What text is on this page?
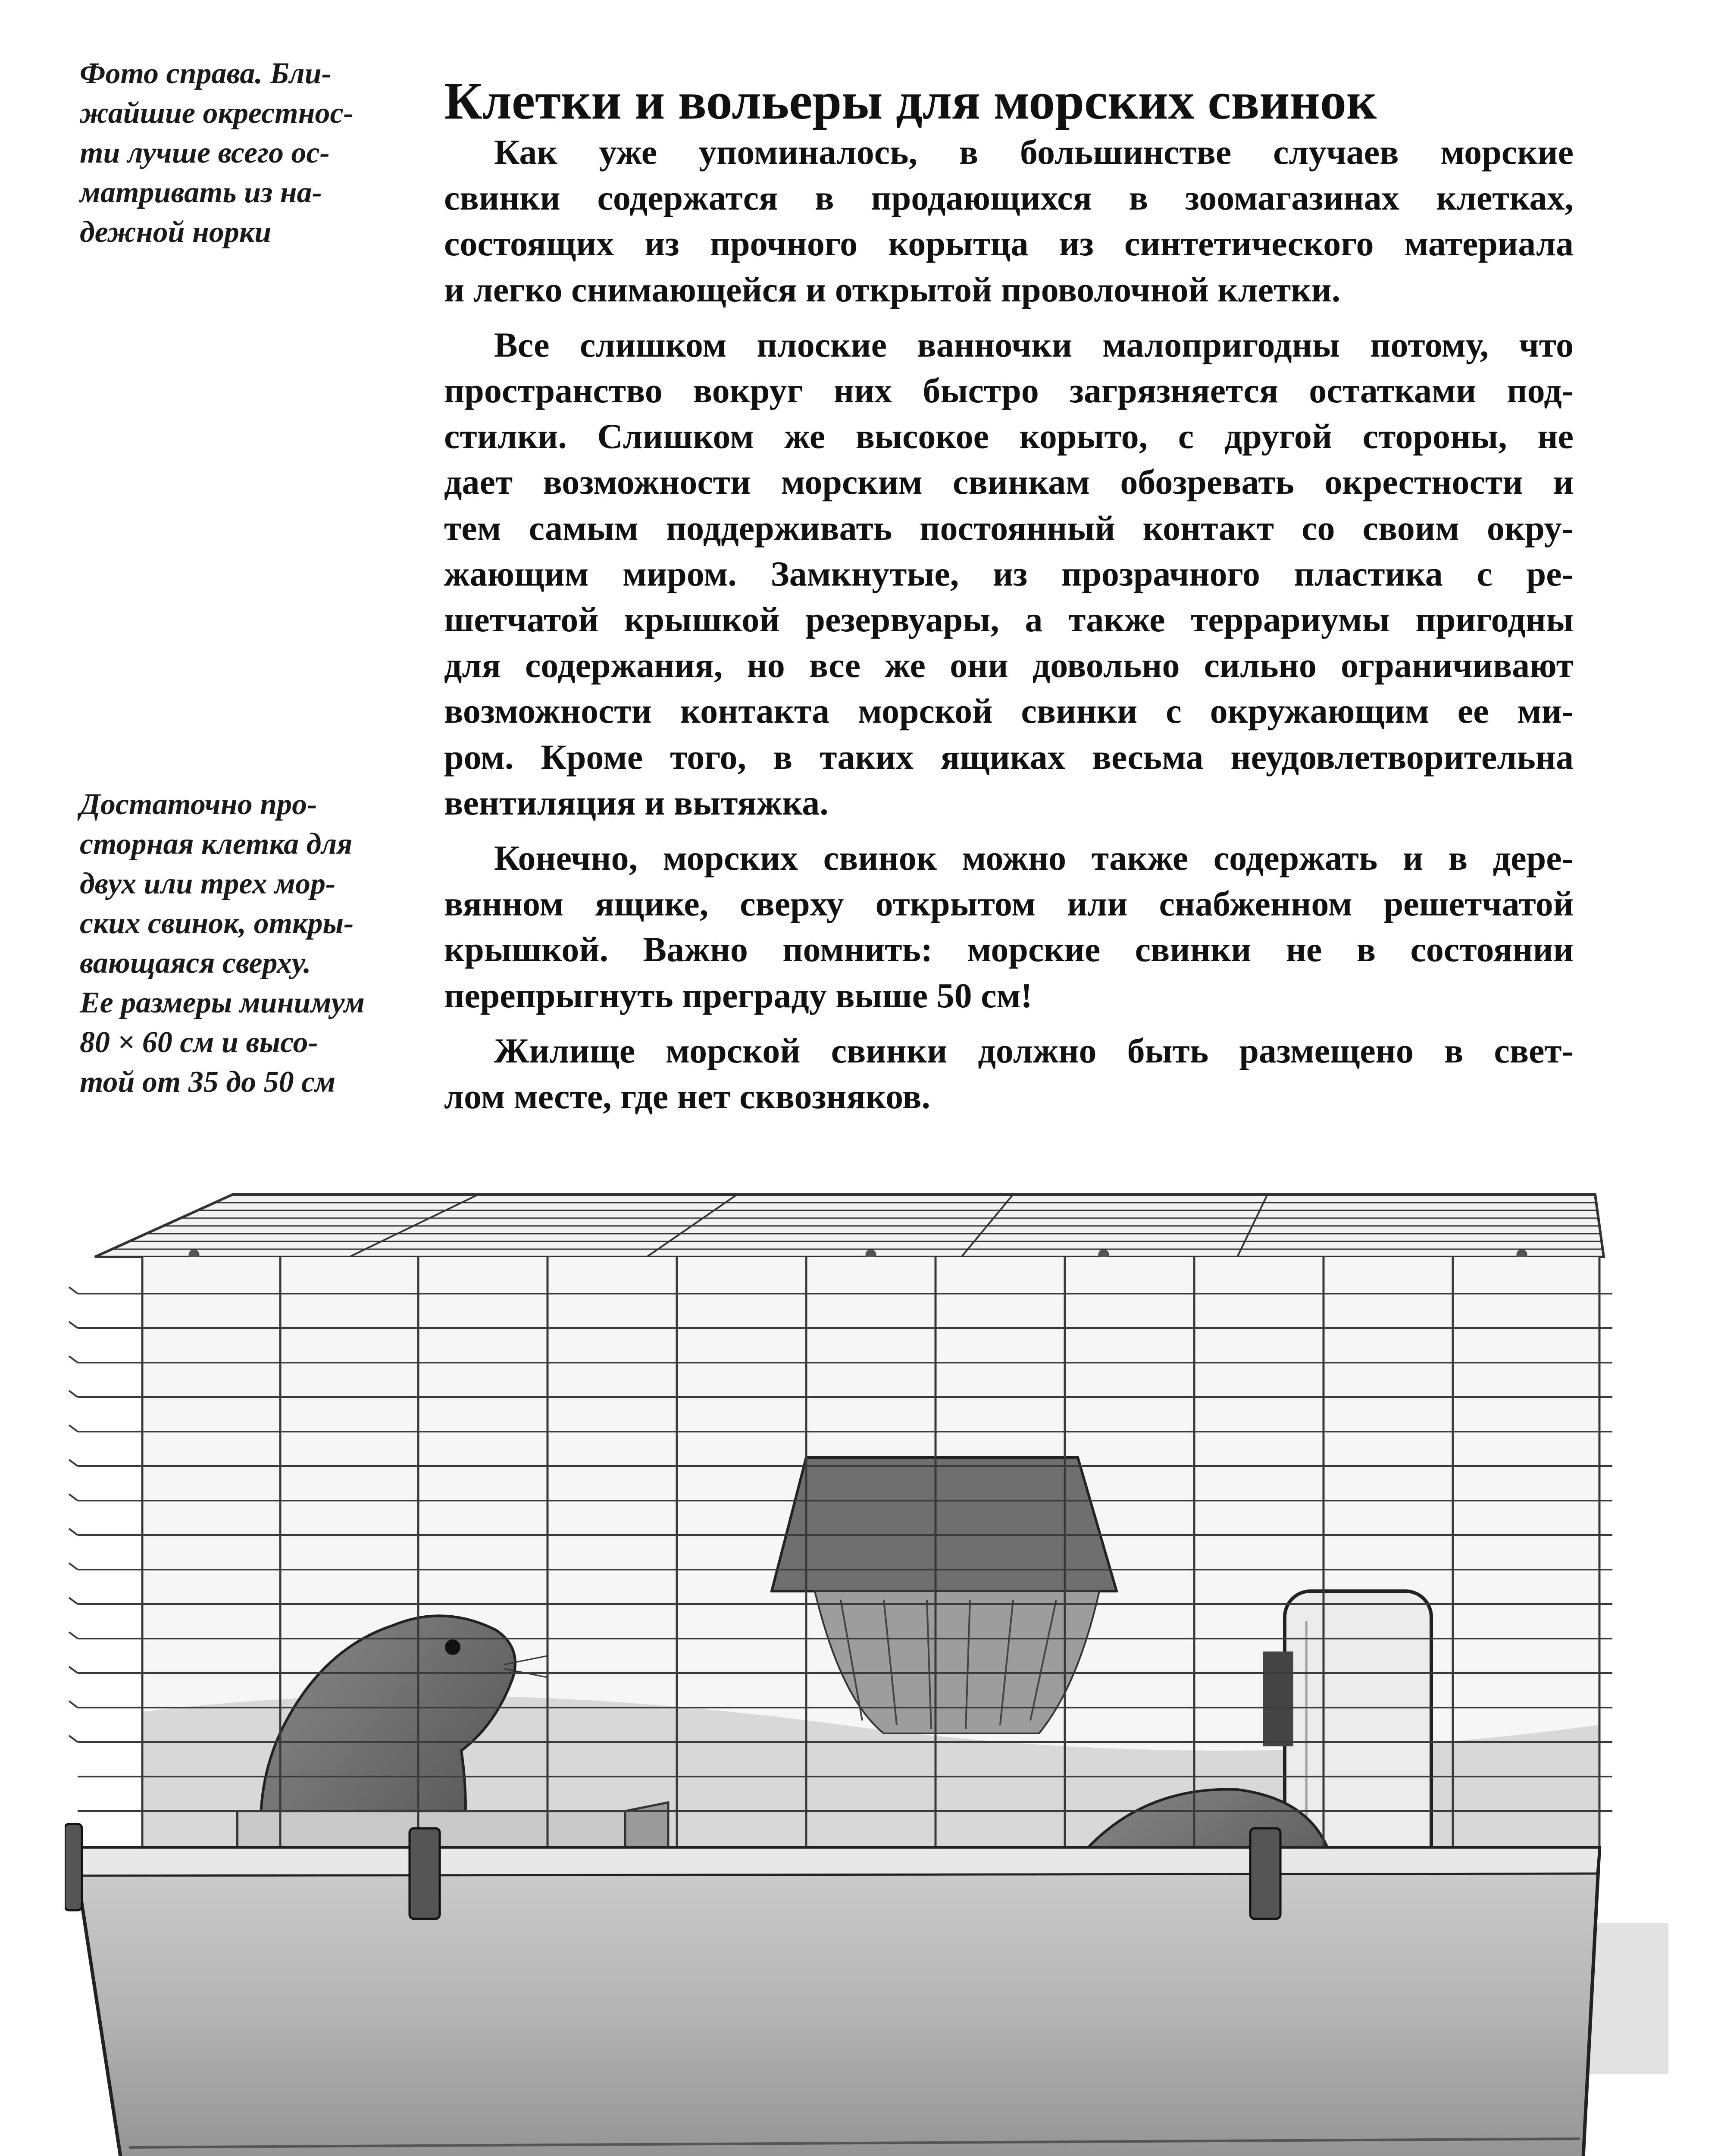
Фото справа. Бли-
жайшие окрестнос-
ти лучше всего ос-
матривать из на-
дежной норки
Достаточно про-
сторная клетка для
двух или трех мор-
ских свинок, откры-
вающаяся сверху.
Ее размеры минимум
80 × 60 см и высо-
той от 35 до 50 см
Клетки и вольеры для морских свинок

Как уже упоминалось, в большинстве случаев морские
свинки содержатся в продающихся в зоомагазинах клетках,
состоящих из прочного корытца из синтетического материала
и легко снимающейся и открытой проволочной клетки.

Все слишком плоские ванночки малопригодны потому, что
пространство вокруг них быстро загрязняется остатками под-
стилки. Слишком же высокое корыто, с другой стороны, не
дает возможности морским свинкам обозревать окрестности и
тем самым поддерживать постоянный контакт со своим окру-
жающим миром. Замкнутые, из прозрачного пластика с ре-
шетчатой крышкой резервуары, а также террариумы пригодны
для содержания, но все же они довольно сильно ограничивают
возможности контакта морской свинки с окружающим ее ми-
ром. Кроме того, в таких ящиках весьма неудовлетворительна
вентиляция и вытяжка.

Конечно, морских свинок можно также содержать и в дере-
вянном ящике, сверху открытом или снабженном решетчатой
крышкой. Важно помнить: морские свинки не в состоянии
перепрыгнуть преграду выше 50 см!

Жилище морской свинки должно быть размещено в свет-
лом месте, где нет сквозняков.
